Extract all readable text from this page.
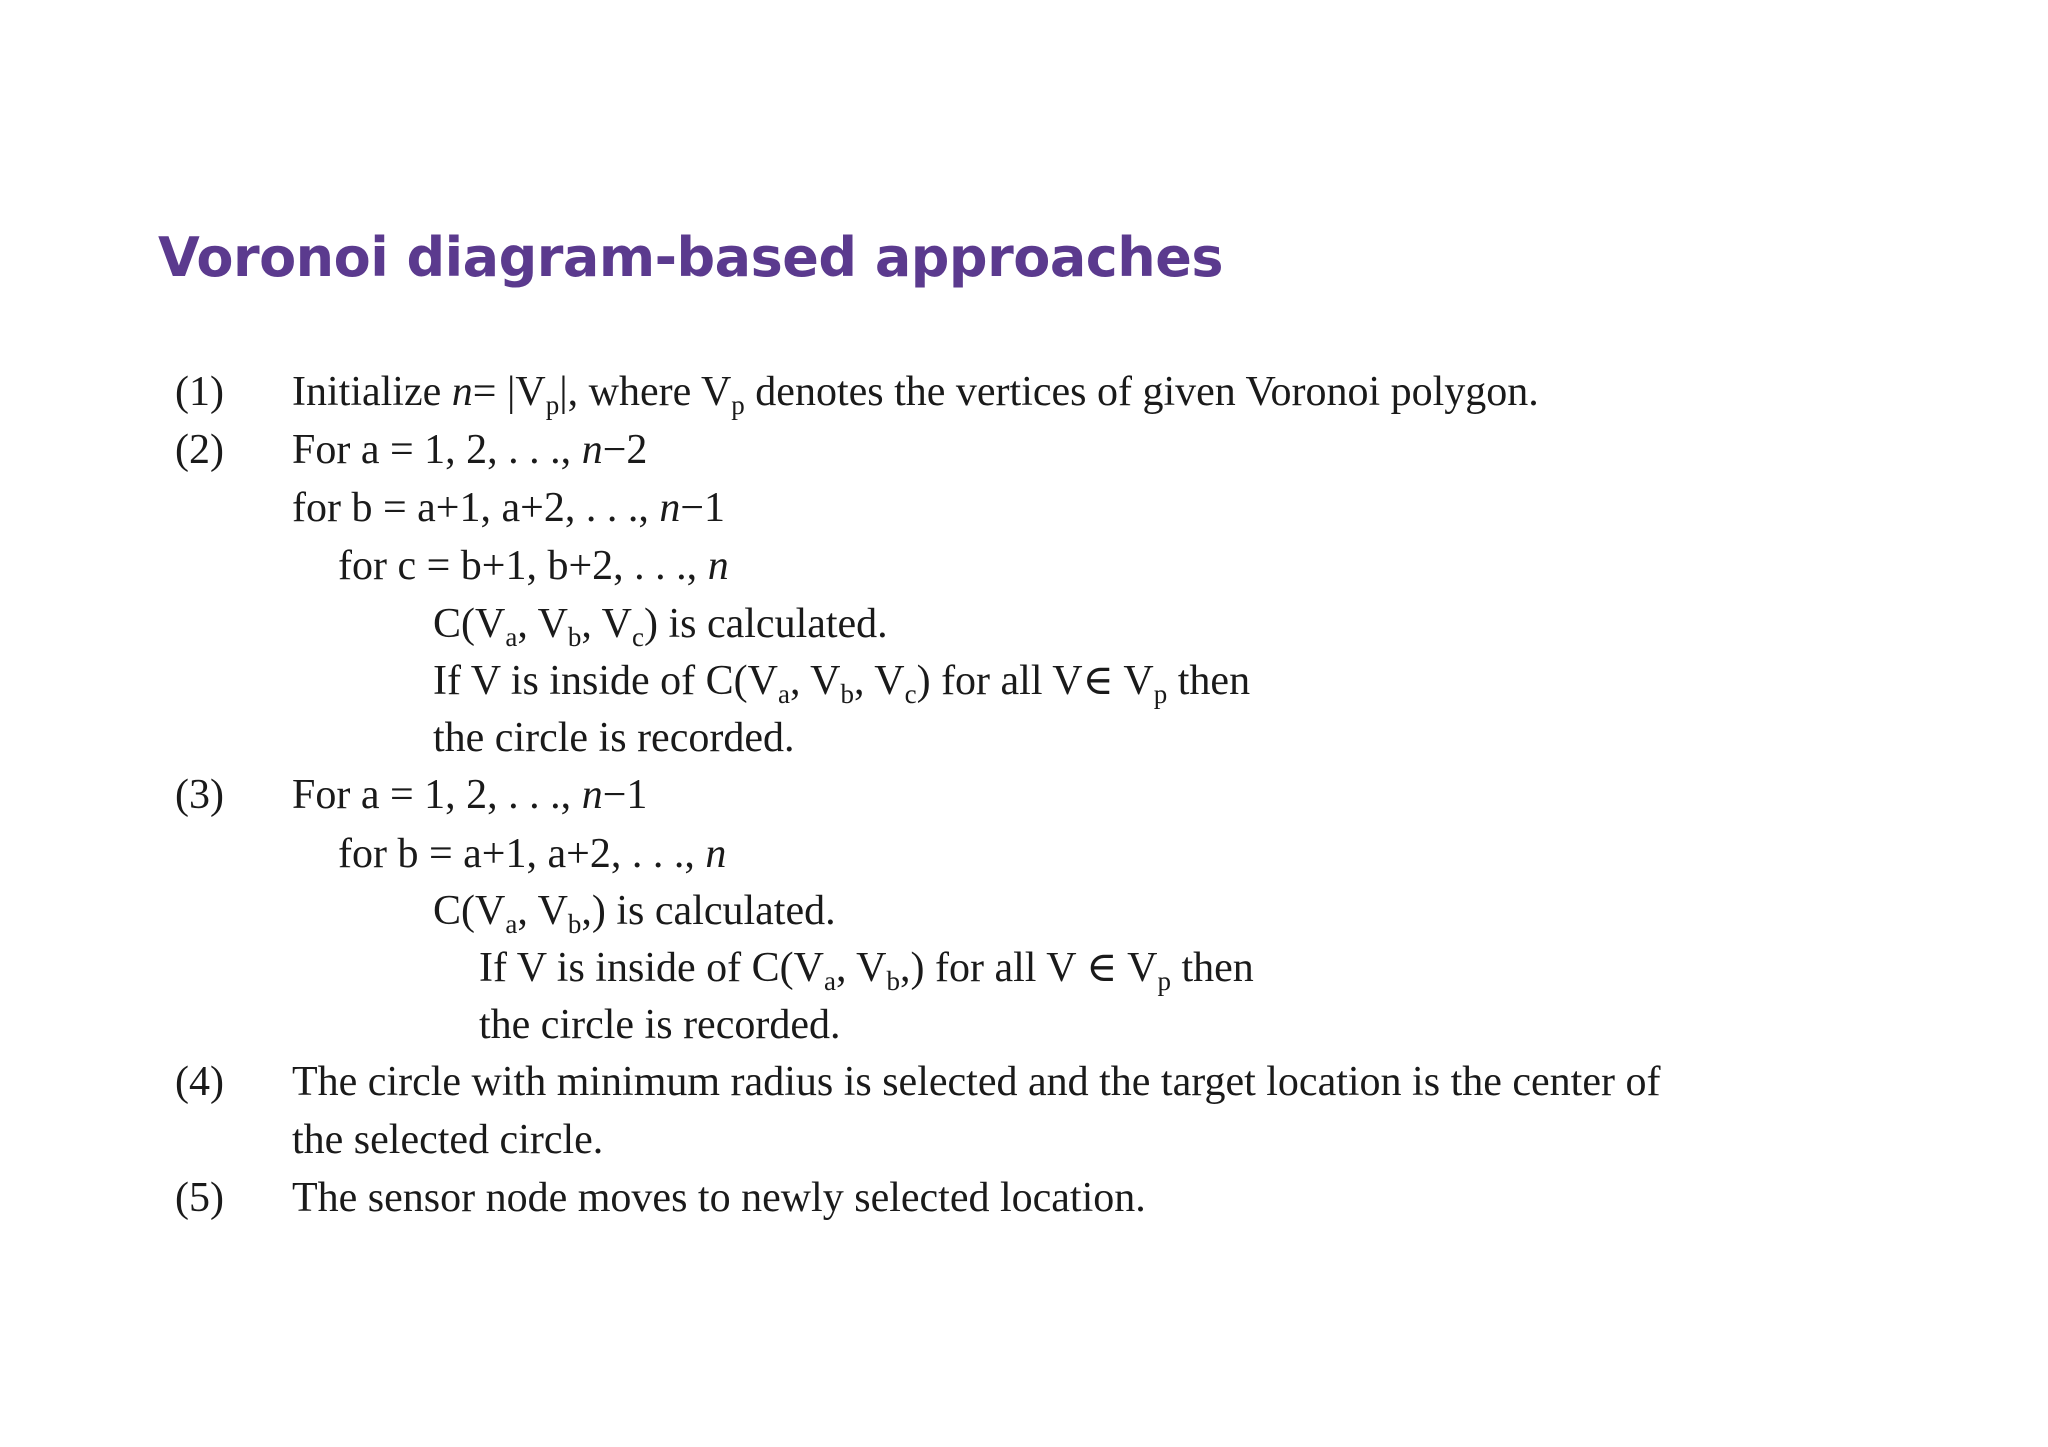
Voronoi diagram-based approaches
(1) Initialize $n= |V_p|$, where $V_p$ denotes the vertices of given Voronoi polygon.
(2) For a = 1, 2, . . ., n−2
for b = a+1, a+2, . . ., n−1
for c = b+1, b+2, . . ., n
$C(V_a$, $V_b$, $V_c$) is calculated.
If V is inside of $C(V_a$, $V_b$, $V_c$) for all V∈ $V_p$ then
the circle is recorded.
(3) For a = 1, 2, . . ., n−1
for b = a+1, a+2, . . ., n
$C(V_a$, $V_b$,) is calculated.
If V is inside of $C(V_a$, $V_b$,) for all V ∈ $V_p$ then
the circle is recorded.
(4) The circle with minimum radius is selected and the target location is the center of
the selected circle.
(5) The sensor node moves to newly selected location.
